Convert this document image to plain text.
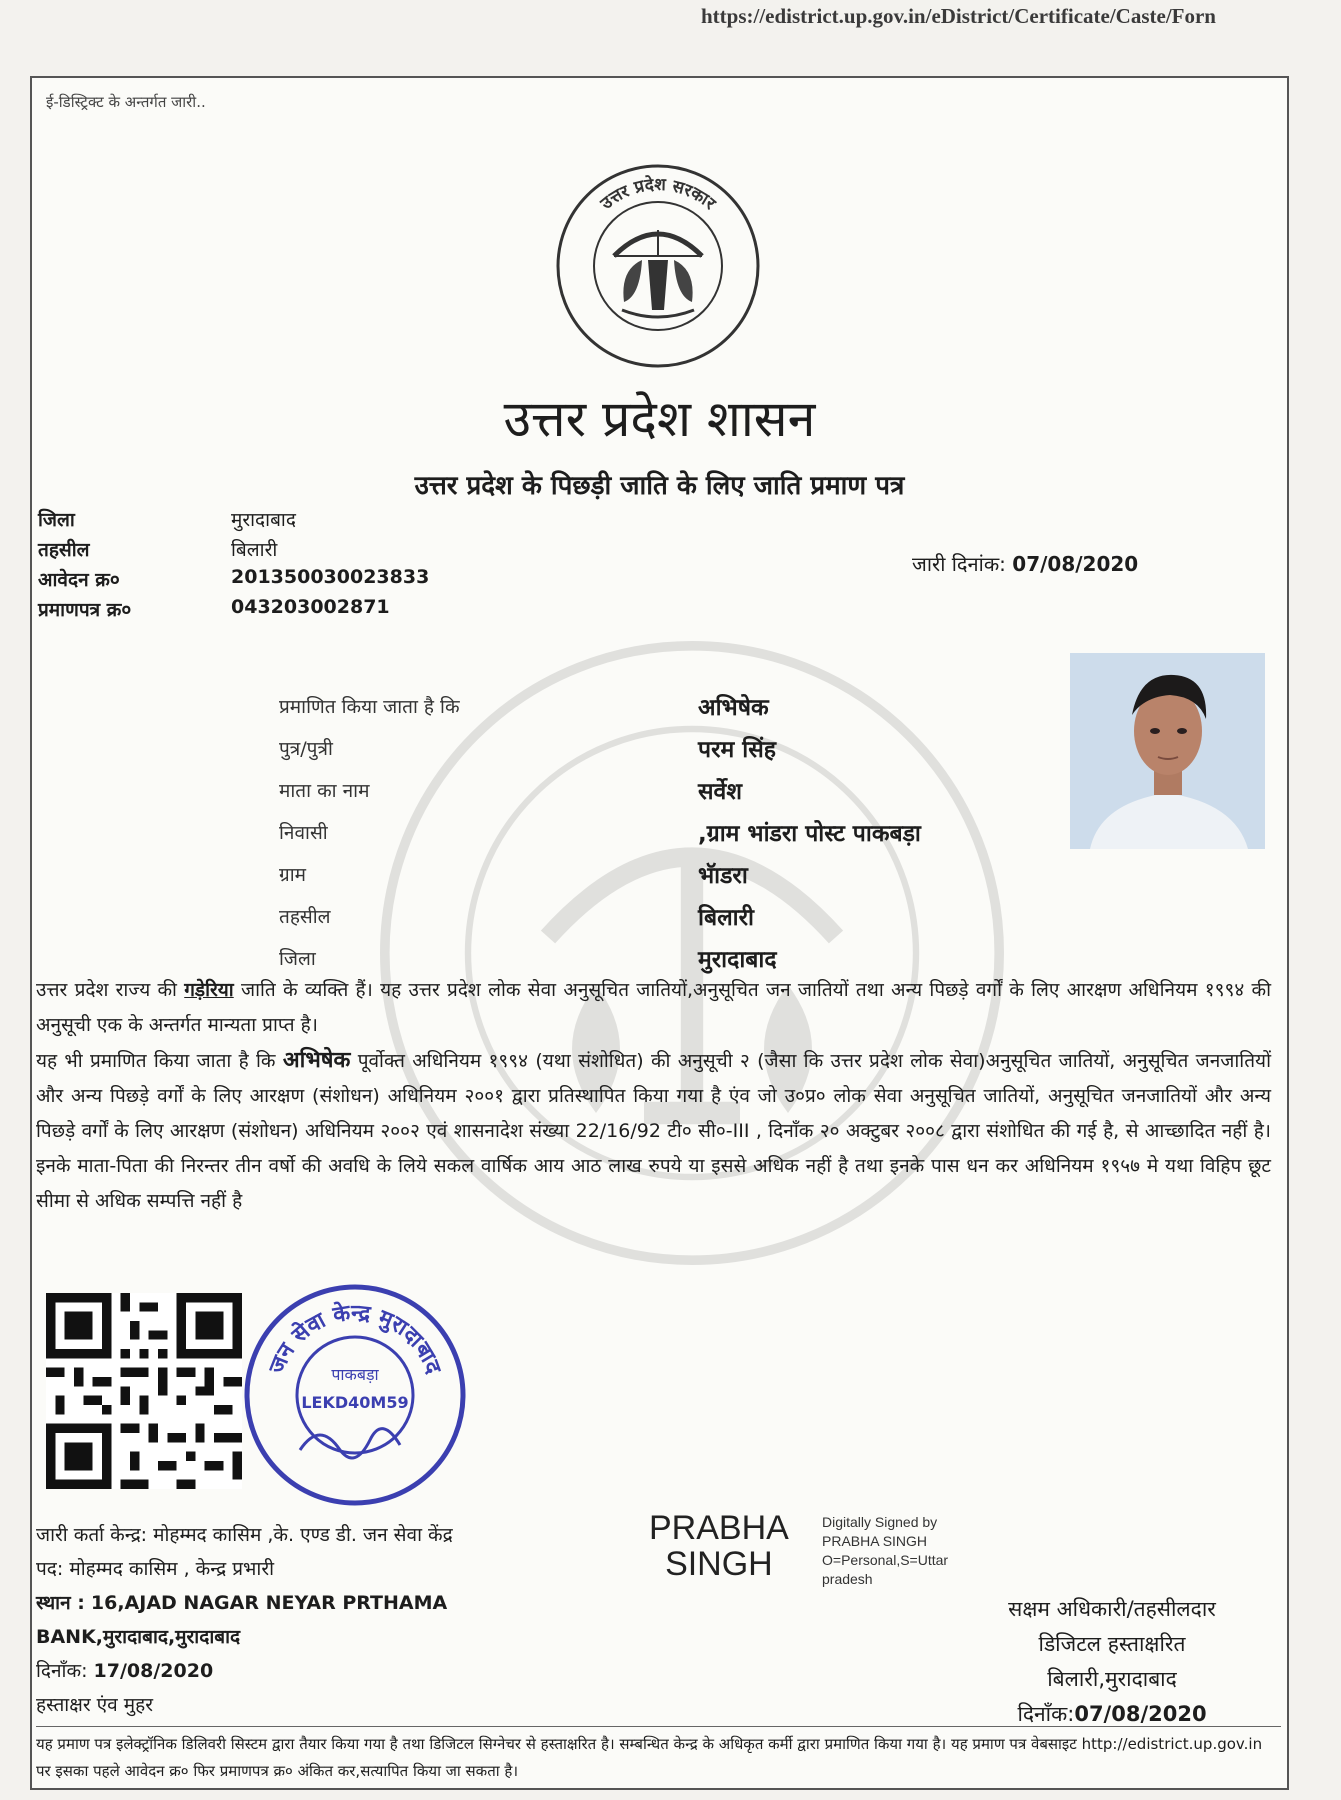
https://edistrict.up.gov.in/eDistrict/Certificate/Caste/Forn
ई-डिस्ट्रिक्ट के अन्तर्गत जारी..
उत्तर प्रदेश सरकार
उत्तर प्रदेश शासन
उत्तर प्रदेश के पिछड़ी जाति के लिए जाति प्रमाण पत्र
जिला	मुरादाबाद
तहसील	बिलारी
आवेदन क्र०	201350030023833
प्रमाणपत्र क्र०	043203002871
जारी दिनांक: 07/08/2020
प्रमाणित किया जाता है कि	अभिषेक
पुत्र/पुत्री	परम सिंह
माता का नाम	सर्वेश
निवासी	,ग्राम भांडरा पोस्ट पाकबड़ा
ग्राम	भॅाडरा
तहसील	बिलारी
जिला	मुरादाबाद
उत्तर प्रदेश राज्य की गड़ेरिया जाति के व्यक्ति हैं। यह उत्तर प्रदेश लोक सेवा अनुसूचित जातियों,अनुसूचित जन जातियों तथा अन्य पिछड़े वर्गों के लिए आरक्षण अधिनियम १९९४ की अनुसूची एक के अन्तर्गत मान्यता प्राप्त है।
यह भी प्रमाणित किया जाता है कि अभिषेक पूर्वोक्त अधिनियम १९९४ (यथा संशोधित) की अनुसूची २ (जैसा कि उत्तर प्रदेश लोक सेवा)अनुसूचित जातियों, अनुसूचित जनजातियों और अन्य पिछड़े वर्गों के लिए आरक्षण (संशोधन) अधिनियम २००१ द्वारा प्रतिस्थापित किया गया है एंव जो उ०प्र० लोक सेवा अनुसूचित जातियों, अनुसूचित जनजातियों और अन्य पिछड़े वर्गों के लिए आरक्षण (संशोधन) अधिनियम २००२ एवं शासनादेश संख्या 22/16/92 टी० सी०-III , दिनाँक २० अक्टुबर २००८ द्वारा संशोधित की गई है, से आच्छादित नहीं है।इनके माता-पिता की निरन्तर तीन वर्षो की अवधि के लिये सकल वार्षिक आय आठ लाख रुपये या इससे अधिक नहीं है तथा इनके पास धन कर अधिनियम १९५७ मे यथा विहिप छूट सीमा से अधिक सम्पत्ति नहीं है
जन सेवा केन्द्र मुरादाबाद
पाकबड़ा
LEKD40M59
जारी कर्ता केन्द्र: मोहम्मद कासिम ,के. एण्ड डी. जन सेवा केंद्र
पद: मोहम्मद कासिम , केन्द्र प्रभारी
स्थान : 16,AJAD NAGAR NEYAR PRTHAMA BANK,मुरादाबाद,मुरादाबाद
दिनाँक: 17/08/2020
हस्ताक्षर एंव मुहर
PRABHA
SINGH
Digitally Signed by PRABHA SINGH O=Personal,S=Uttar pradesh
सक्षम अधिकारी/तहसीलदार
डिजिटल हस्ताक्षरित
बिलारी,मुरादाबाद
दिनाँक:07/08/2020
यह प्रमाण पत्र इलेक्ट्रॉनिक डिलिवरी सिस्टम द्वारा तैयार किया गया है तथा डिजिटल सिग्नेचर से हस्ताक्षरित है। सम्बन्धित केन्द्र के अधिकृत कर्मी द्वारा प्रमाणित किया गया है। यह प्रमाण पत्र वेबसाइट http://edistrict.up.gov.in पर इसका पहले आवेदन क्र० फिर प्रमाणपत्र क्र० अंकित कर,सत्यापित किया जा सकता है।
